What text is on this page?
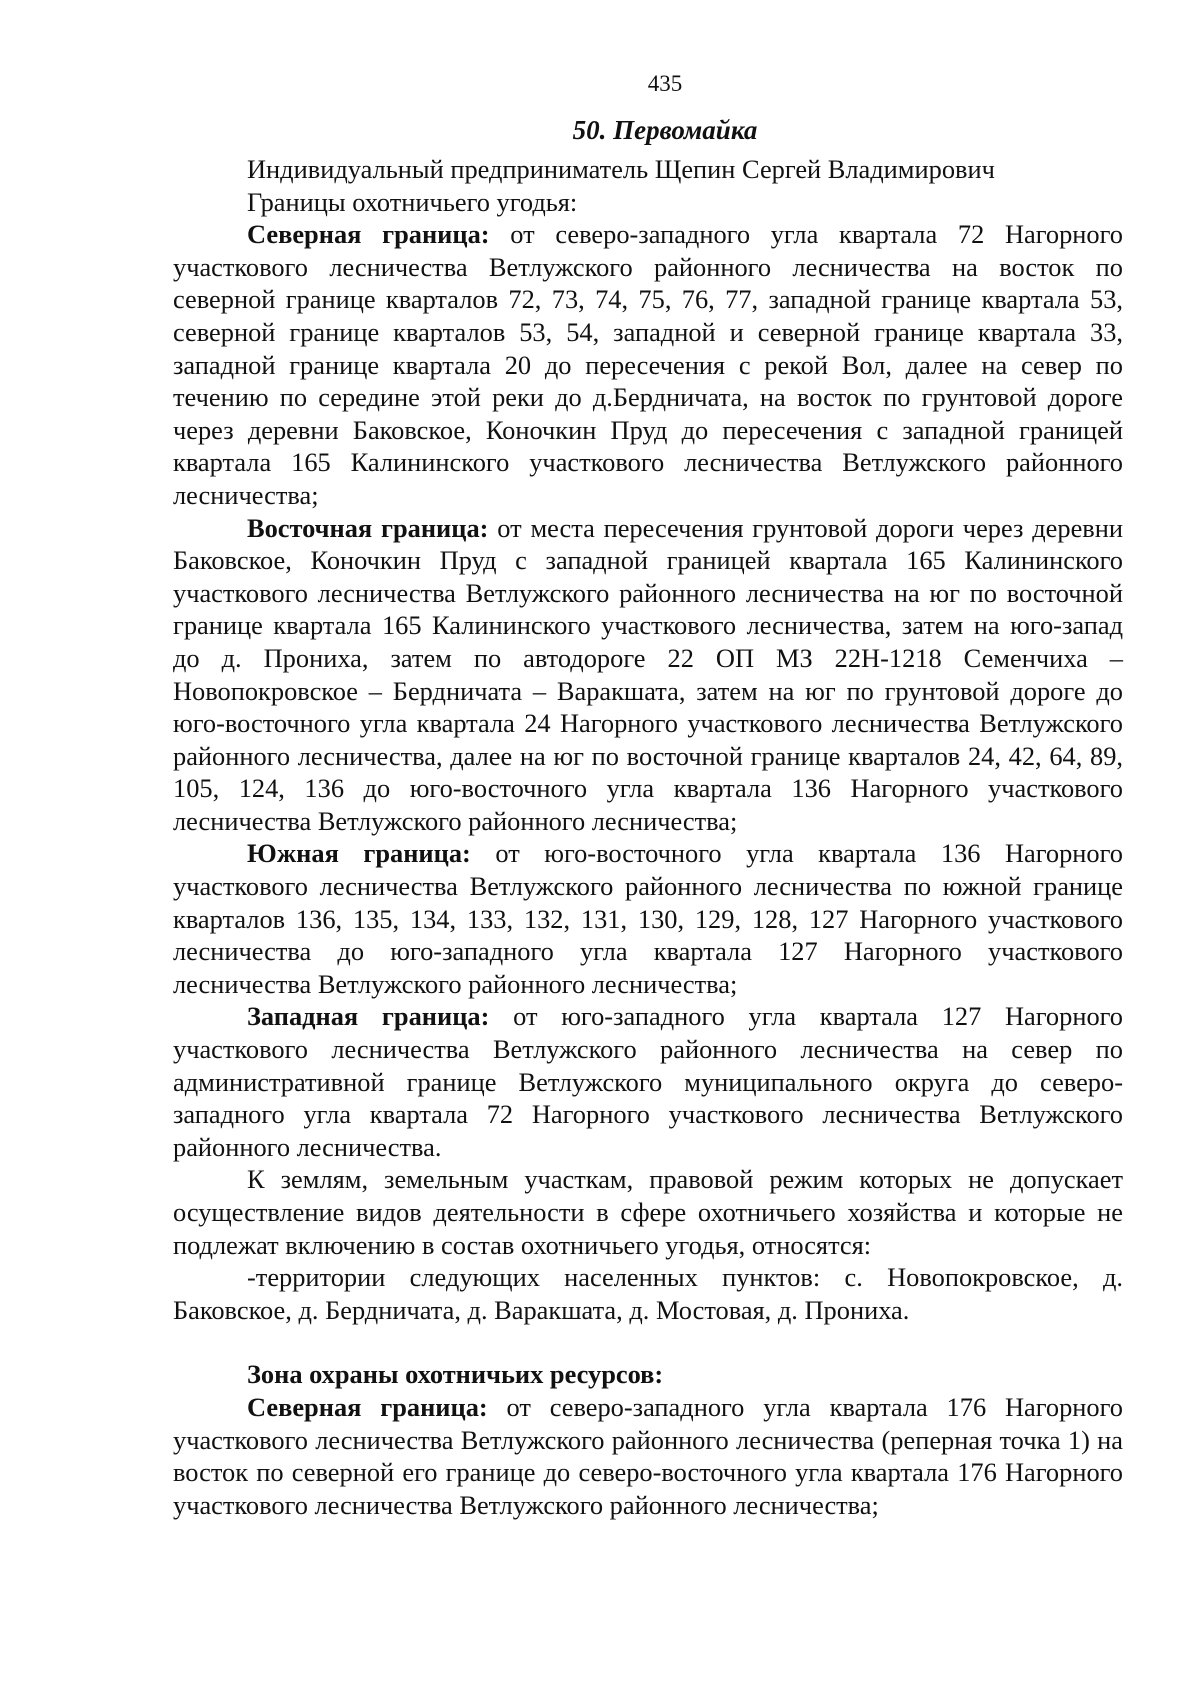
435
50. Первомайка

Индивидуальный предприниматель Щепин Сергей Владимирович

Границы охотничьего угодья:

Северная граница: от северо-западного угла квартала 72 Нагорного участкового лесничества Ветлужского районного лесничества на восток по северной границе кварталов 72, 73, 74, 75, 76, 77, западной границе квартала 53, северной границе кварталов 53, 54, западной и северной границе квартала 33, западной границе квартала 20 до пересечения с рекой Вол, далее на север по течению по середине этой реки до д.Бердничата, на восток по грунтовой дороге через деревни Баковское, Коночкин Пруд до пересечения с западной границей квартала 165 Калининского участкового лесничества Ветлужского районного лесничества;

Восточная граница: от места пересечения грунтовой дороги через деревни Баковское, Коночкин Пруд с западной границей квартала 165 Калининского участкового лесничества Ветлужского районного лесничества на юг по восточной границе квартала 165 Калининского участкового лесничества, затем на юго-запад до д. Прониха, затем по автодороге 22 ОП МЗ 22Н-1218 Семенчиха – Новопокровское – Бердничата – Варакшата, затем на юг по грунтовой дороге до юго-восточного угла квартала 24 Нагорного участкового лесничества Ветлужского районного лесничества, далее на юг по восточной границе кварталов 24, 42, 64, 89, 105, 124, 136 до юго-восточного угла квартала 136 Нагорного участкового лесничества Ветлужского районного лесничества;

Южная граница: от юго-восточного угла квартала 136 Нагорного участкового лесничества Ветлужского районного лесничества по южной границе кварталов 136, 135, 134, 133, 132, 131, 130, 129, 128, 127 Нагорного участкового лесничества до юго-западного угла квартала 127 Нагорного участкового лесничества Ветлужского районного лесничества;

Западная граница: от юго-западного угла квартала 127 Нагорного участкового лесничества Ветлужского районного лесничества на север по административной границе Ветлужского муниципального округа до северо-западного угла квартала 72 Нагорного участкового лесничества Ветлужского районного лесничества.

К землям, земельным участкам, правовой режим которых не допускает осуществление видов деятельности в сфере охотничьего хозяйства и которые не подлежат включению в состав охотничьего угодья, относятся:

-территории следующих населенных пунктов: с. Новопокровское, д. Баковское, д. Бердничата, д. Варакшата, д. Мостовая, д. Прониха.

Зона охраны охотничьих ресурсов:

Северная граница: от северо-западного угла квартала 176 Нагорного участкового лесничества Ветлужского районного лесничества (реперная точка 1) на восток по северной его границе до северо-восточного угла квартала 176 Нагорного участкового лесничества Ветлужского районного лесничества;
